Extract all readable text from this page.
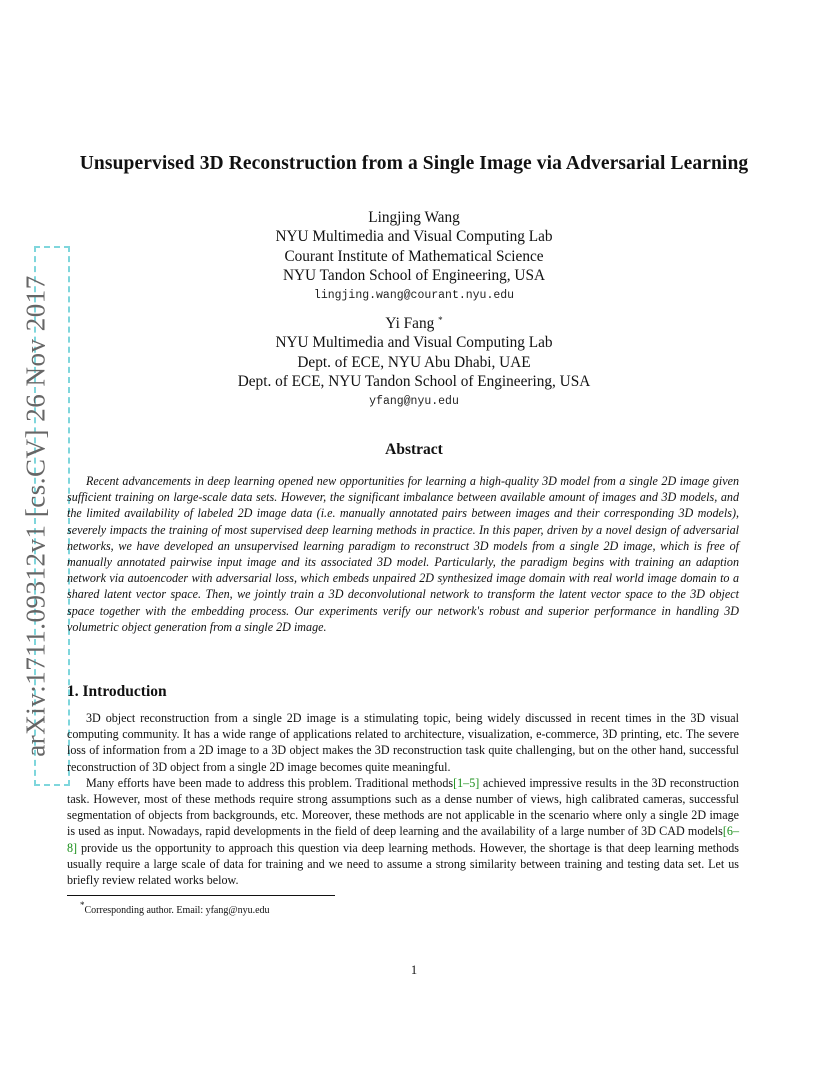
arXiv:1711.09312v1 [cs.CV] 26 Nov 2017
Unsupervised 3D Reconstruction from a Single Image via Adversarial Learning
Lingjing Wang
NYU Multimedia and Visual Computing Lab
Courant Institute of Mathematical Science
NYU Tandon School of Engineering, USA
lingjing.wang@courant.nyu.edu
Yi Fang *
NYU Multimedia and Visual Computing Lab
Dept. of ECE, NYU Abu Dhabi, UAE
Dept. of ECE, NYU Tandon School of Engineering, USA
yfang@nyu.edu
Abstract

Recent advancements in deep learning opened new opportunities for learning a high-quality 3D model from a single 2D image given sufficient training on large-scale data sets. However, the significant imbalance between available amount of images and 3D models, and the limited availability of labeled 2D image data (i.e. manually annotated pairs between images and their corresponding 3D models), severely impacts the training of most supervised deep learning methods in practice. In this paper, driven by a novel design of adversarial networks, we have developed an unsupervised learning paradigm to reconstruct 3D models from a single 2D image, which is free of manually annotated pairwise input image and its associated 3D model. Particularly, the paradigm begins with training an adaption network via autoencoder with adversarial loss, which embeds unpaired 2D synthesized image domain with real world image domain to a shared latent vector space. Then, we jointly train a 3D deconvolutional network to transform the latent vector space to the 3D object space together with the embedding process. Our experiments verify our network's robust and superior performance in handling 3D volumetric object generation from a single 2D image.

1. Introduction

3D object reconstruction from a single 2D image is a stimulating topic, being widely discussed in recent times in the 3D visual computing community. It has a wide range of applications related to architecture, visualization, e-commerce, 3D printing, etc. The severe loss of information from a 2D image to a 3D object makes the 3D reconstruction task quite challenging, but on the other hand, successful reconstruction of 3D object from a single 2D image becomes quite meaningful.

Many efforts have been made to address this problem. Traditional methods[1–5] achieved impressive results in the 3D reconstruction task. However, most of these methods require strong assumptions such as a dense number of views, high calibrated cameras, successful segmentation of objects from backgrounds, etc. Moreover, these methods are not applicable in the scenario where only a single 2D image is used as input. Nowadays, rapid developments in the field of deep learning and the availability of a large number of 3D CAD models[6–8] provide us the opportunity to approach this question via deep learning methods. However, the shortage is that deep learning methods usually require a large scale of data for training and we need to assume a strong similarity between training and testing data set. Let us briefly review related works below.

*Corresponding author. Email: yfang@nyu.edu
1
